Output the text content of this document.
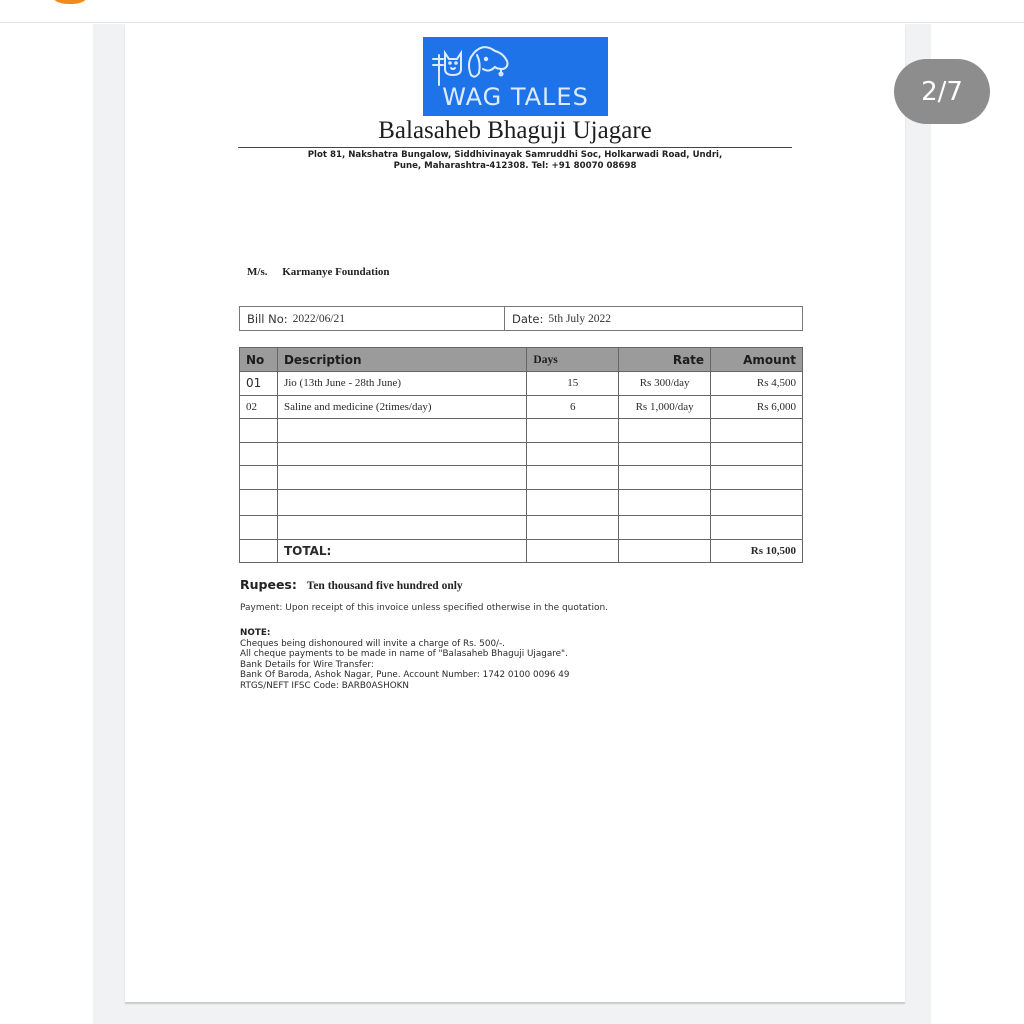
2/7
WAG TALES
Balasaheb Bhaguji Ujagare
Plot 81, Nakshatra Bungalow, Siddhivinayak Samruddhi Soc, Holkarwadi Road, Undri,
Pune, Maharashtra-412308. Tel: +91 80070 08698
M/s. Karmanye Foundation
Bill No: 2022/06/21	Date: 5th July 2022
No	Description	Days	Rate	Amount
01	Jio (13th June - 28th June)	15	Rs 300/day	Rs 4,500
02	Saline and medicine (2times/day)	6	Rs 1,000/day	Rs 6,000

	TOTAL:			Rs 10,500
Rupees: Ten thousand five hundred only
Payment: Upon receipt of this invoice unless specified otherwise in the quotation.
NOTE:
Cheques being dishonoured will invite a charge of Rs. 500/-.
All cheque payments to be made in name of "Balasaheb Bhaguji Ujagare".
Bank Details for Wire Transfer:
Bank Of Baroda, Ashok Nagar, Pune. Account Number: 1742 0100 0096 49
RTGS/NEFT IFSC Code: BARB0ASHOKN
